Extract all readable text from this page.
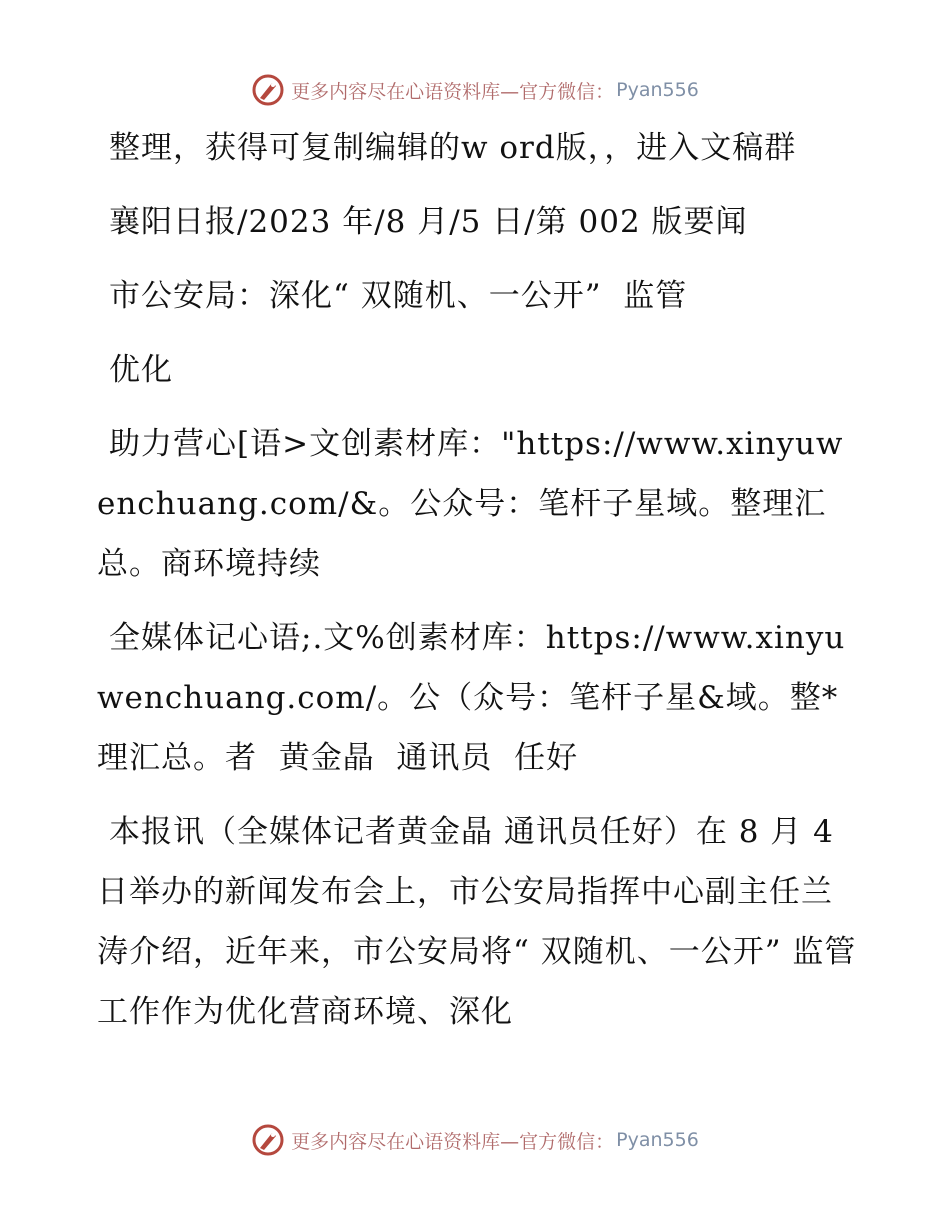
更多内容尽在心语资料库—官方微信： Pyan556

整理，获得可复制编辑的w ord版，，进入文稿群

襄阳日报/2023 年/8 月/5 日/第 002 版要闻

市公安局：深化“ 双随机、一公开”  监管

优化

助力营心[语>文创素材库："https://www.xinyuwenchuang.com/&。公众号：笔杆子星域。整理汇总。商环境持续

全媒体记心语;.文%创素材库：https://www.xinyuwenchuang.com/。公（众号：笔杆子星&域。整*理汇总。者  黄金晶  通讯员  任好

本报讯（全媒体记者黄金晶 通讯员任好）在 8 月 4 日举办的新闻发布会上，市公安局指挥中心副主任兰涛介绍，近年来，市公安局将“ 双随机、一公开” 监管工作作为优化营商环境、深化

更多内容尽在心语资料库—官方微信： Pyan556
